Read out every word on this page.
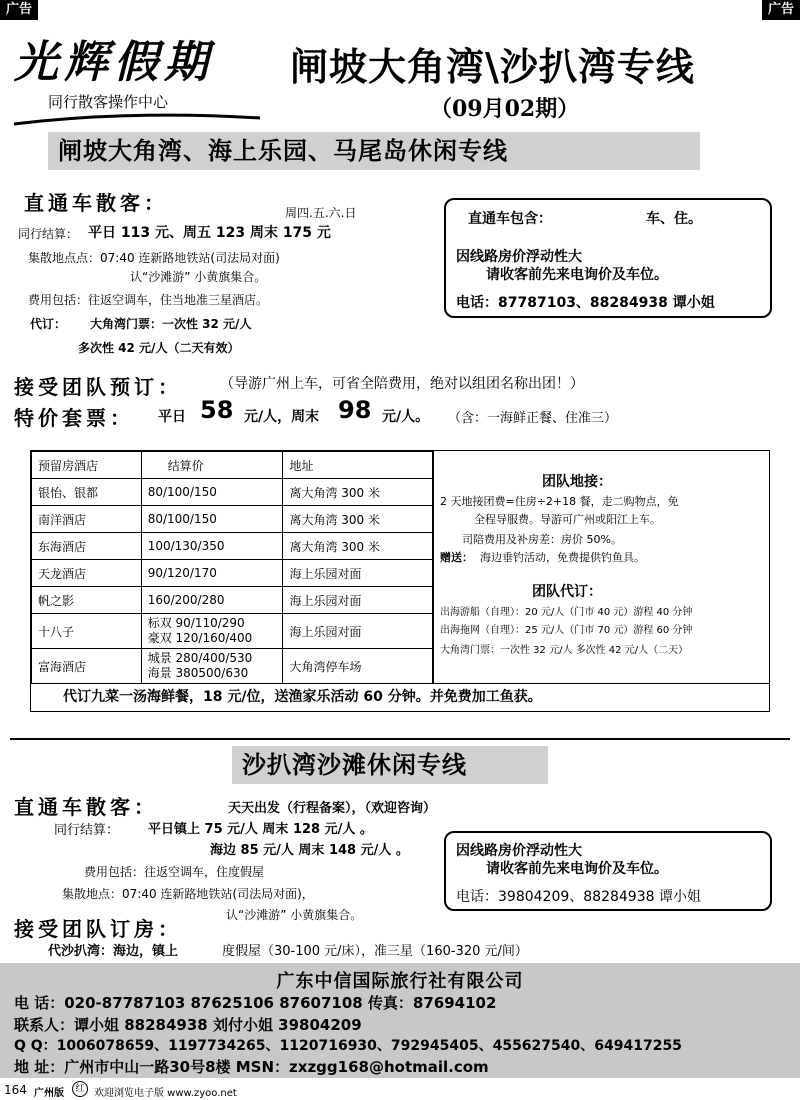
广告	广告
光辉假期
同行散客操作中心
闸坡大角湾\沙扒湾专线
（09月02期）
闸坡大角湾、海上乐园、马尾岛休闲专线
直通车散客：	周四.五.六.日
同行结算： 平日 113 元、周五 123 周末 175 元
集散地点点：07:40 连新路地铁站(司法局对面)
认“沙滩游” 小黄旗集合。
费用包括：往返空调车，住当地准三星酒店。
代订： 大角湾门票：一次性 32 元/人
多次性 42 元/人（二天有效）
直通车包含：	车、住。
因线路房价浮动性大
请收客前先来电询价及车位。
电话：87787103、88284938 谭小姐
接受团队预订：	（导游广州上车，可省全陪费用，绝对以组团名称出团！）
特价套票： 平日 58 元/人，周末 98 元/人。 （含：一海鲜正餐、住准三）
预留房酒店	结算价	地址
银怡、银都	80/100/150	离大角湾 300 米
南洋酒店	80/100/150	离大角湾 300 米
东海酒店	100/130/350	离大角湾 300 米
天龙酒店	90/120/170	海上乐园对面
帆之影	160/200/280	海上乐园对面
十八子	标双 90/110/290
豪双 120/160/400	海上乐园对面
富海酒店	城景 280/400/530
海景 380500/630	大角湾停车场
团队地接：
2 天地接团费=住房÷2+18 餐，走二购物点，免
全程导服费。导游可广州或阳江上车。
司陪费用及补房差：房价 50%。
赠送： 海边垂钓活动，免费提供钓鱼具。
团队代订：
出海游船（自理）：20 元/人（门市 40 元）游程 40 分钟
出海拖网（自理）：25 元/人（门市 70 元）游程 60 分钟
大角湾门票：一次性 32 元/人 多次性 42 元/人（二天）
代订九菜一汤海鲜餐，18 元/位，送渔家乐活动 60 分钟。并免费加工鱼获。
沙扒湾沙滩休闲专线
直通车散客：	天天出发（行程备案），（欢迎咨询）
同行结算： 平日镇上 75 元/人 周末 128 元/人 。
海边 85 元/人 周末 148 元/人 。
费用包括：往返空调车，住度假屋
集散地点：07:40 连新路地铁站(司法局对面)，
认“沙滩游” 小黄旗集合。
因线路房价浮动性大
请收客前先来电询价及车位。
电话：39804209、88284938 谭小姐
接受团队订房：
代沙扒湾：海边，镇上	度假屋（30-100 元/床），准三星（160-320 元/间）
广东中信国际旅行社有限公司
电 话：020-87787103 87625106 87607108 传真：87694102
联系人：谭小姐 88284938 刘付小姐 39804209
Q Q：1006078659、1197734265、1120716930、792945405、455627540、649417255
地 址：广州市中山一路30号8楼 MSN：zxzgg168@hotmail.com
164 广州版	红 欢迎浏览电子版 www.zyoo.net
